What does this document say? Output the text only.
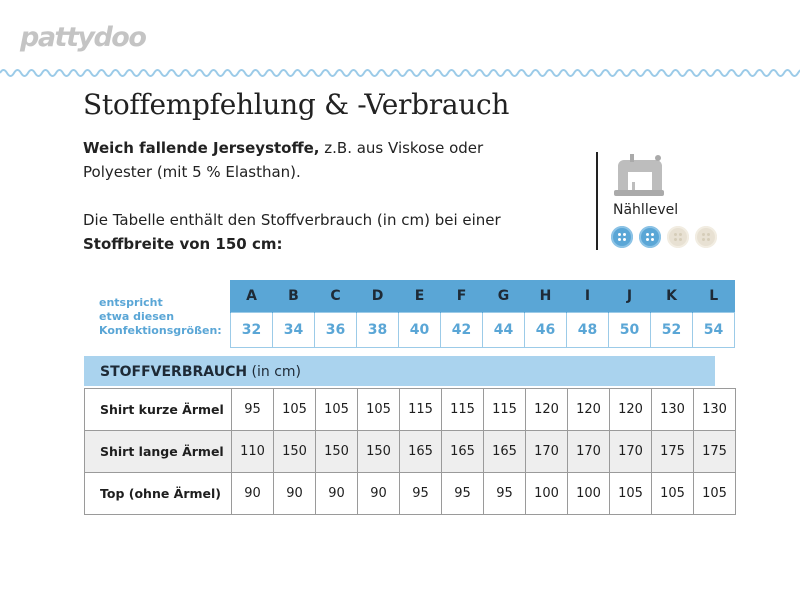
pattydoo
Stoffempfehlung & -Verbrauch

Weich fallende Jerseystoffe, z.B. aus Viskose oder Polyester (mit 5 % Elasthan).

Die Tabelle enthält den Stoffverbrauch (in cm) bei einer Stoffbreite von 150 cm:

Nähllevel
entspricht
etwa diesen
Konfektionsgrößen:
A	B	C	D	E	F	G	H	I	J	K	L
32	34	36	38	40	42	44	46	48	50	52	54
STOFFVERBRAUCH (in cm)
Shirt kurze Ärmel	95	105	105	105	115	115	115	120	120	120	130	130
Shirt lange Ärmel	110	150	150	150	165	165	165	170	170	170	175	175
Top (ohne Ärmel)	90	90	90	90	95	95	95	100	100	105	105	105
